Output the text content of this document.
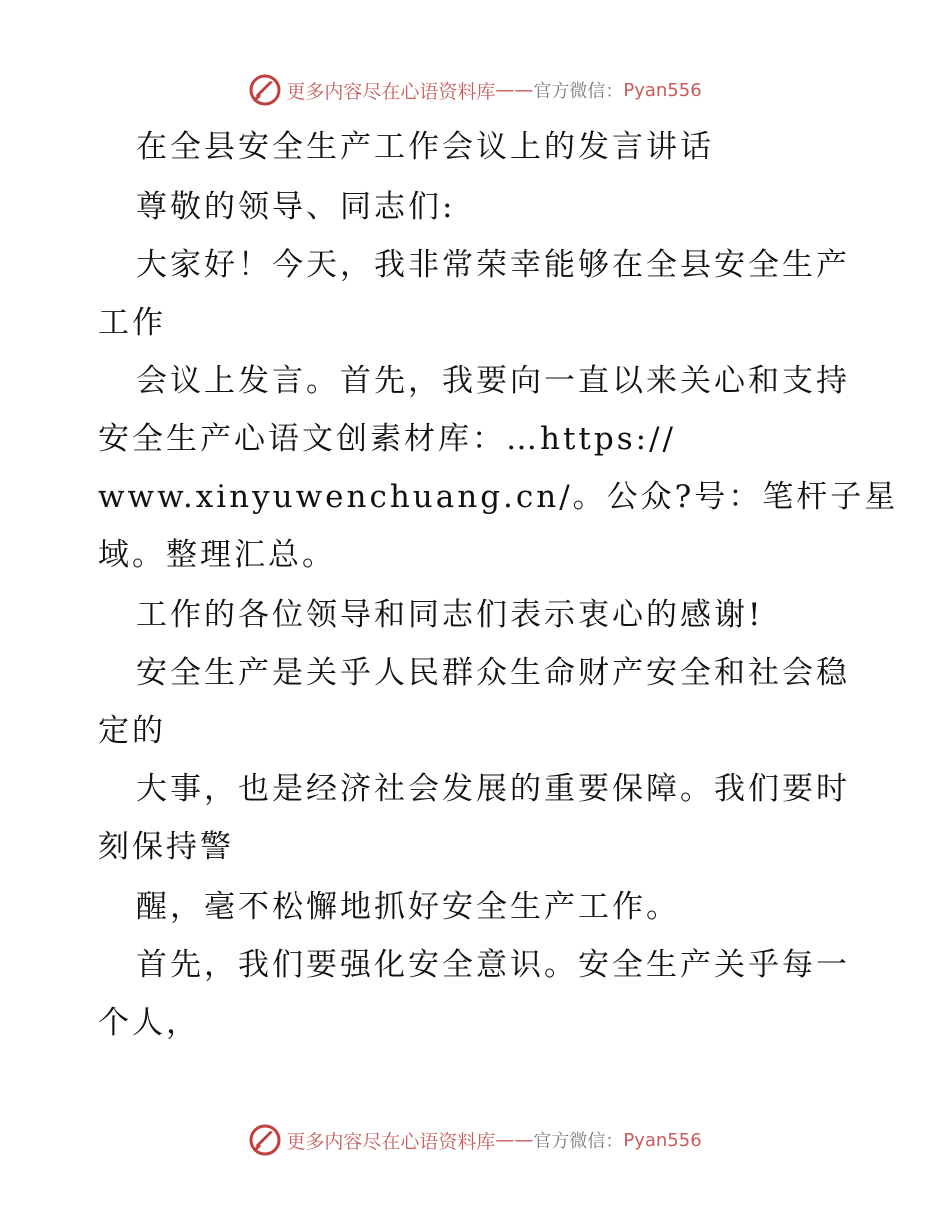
更多内容尽在心语资料库 —— 官方微信： Pyan556
在全县安全生产工作会议上的发言讲话
尊敬的领导、同志们:
大家好！今天，我非常荣幸能够在全县安全生产
工作
会议上发言。首先，我要向一直以来关心和支持
安全生产心语文创素材库：…https://
www.xinyuwenchuang.cn/。公众?号：笔杆子星
域。整理汇总。
工作的各位领导和同志们表示衷心的感谢!
安全生产是关乎人民群众生命财产安全和社会稳
定的
大事，也是经济社会发展的重要保障。我们要时
刻保持警
醒，毫不松懈地抓好安全生产工作。
首先，我们要强化安全意识。安全生产关乎每一
个人，
更多内容尽在心语资料库 —— 官方微信： Pyan556
